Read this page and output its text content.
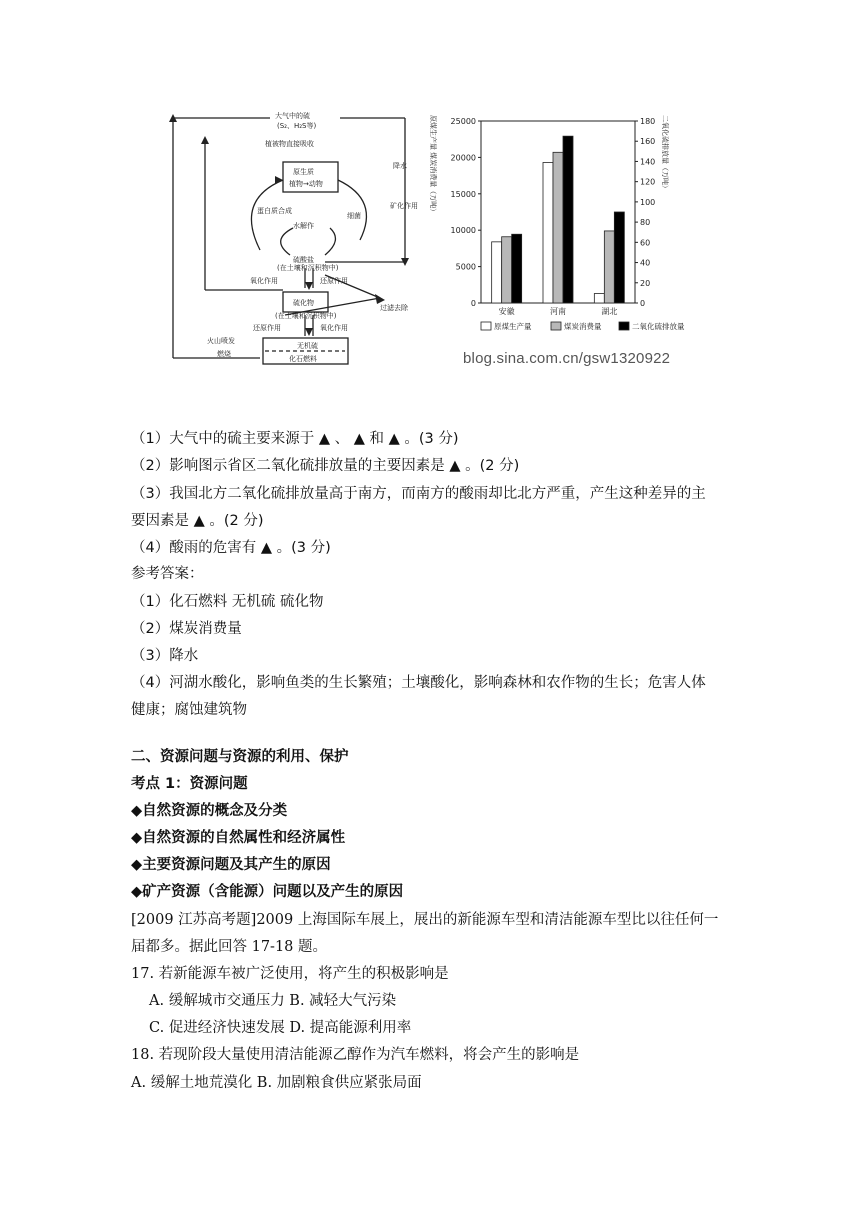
大气中的硫
(S₂、H₂S等)
植被物直接吸收
原生质
植物→动物
降水
蛋白质合成
细菌
矿化作用
水解作
硫酸盐
(在土壤和沉积物中)
氧化作用	还原作用
硫化物
(在土壤和沉积物中)
还原作用	氧化作用
火山喷发
燃烧
无机硫
化石燃料
过滤去除
原煤生产量 煤炭消费量（万吨）	二氧化硫排放量（万吨）
0
5000
10000
15000
20000
25000
0
20
40
60
80
100
120
140
160
180
安徽	河南	湖北
原煤生产量	煤炭消费量	二氧化硫排放量
blog.sina.com.cn/gsw1320922
（1）大气中的硫主要来源于 ▲ 、 ▲ 和 ▲ 。(3 分)
（2）影响图示省区二氧化硫排放量的主要因素是 ▲ 。(2 分)
（3）我国北方二氧化硫排放量高于南方，而南方的酸雨却比北方严重，产生这种差异的主
要因素是 ▲ 。(2 分)
（4）酸雨的危害有 ▲ 。(3 分)
参考答案：
（1）化石燃料 无机硫 硫化物
（2）煤炭消费量
（3）降水
（4）河湖水酸化，影响鱼类的生长繁殖；土壤酸化，影响森林和农作物的生长；危害人体
健康；腐蚀建筑物
二、资源问题与资源的利用、保护
考点 1：资源问题
◆自然资源的概念及分类
◆自然资源的自然属性和经济属性
◆主要资源问题及其产生的原因
◆矿产资源（含能源）问题以及产生的原因
[2009 江苏高考题]2009 上海国际车展上，展出的新能源车型和清洁能源车型比以往任何一
届都多。据此回答 17-18 题。
17. 若新能源车被广泛使用，将产生的积极影响是
A. 缓解城市交通压力 B. 减轻大气污染
C. 促进经济快速发展 D. 提高能源利用率
18. 若现阶段大量使用清洁能源乙醇作为汽车燃料，将会产生的影响是
A. 缓解土地荒漠化 B. 加剧粮食供应紧张局面
